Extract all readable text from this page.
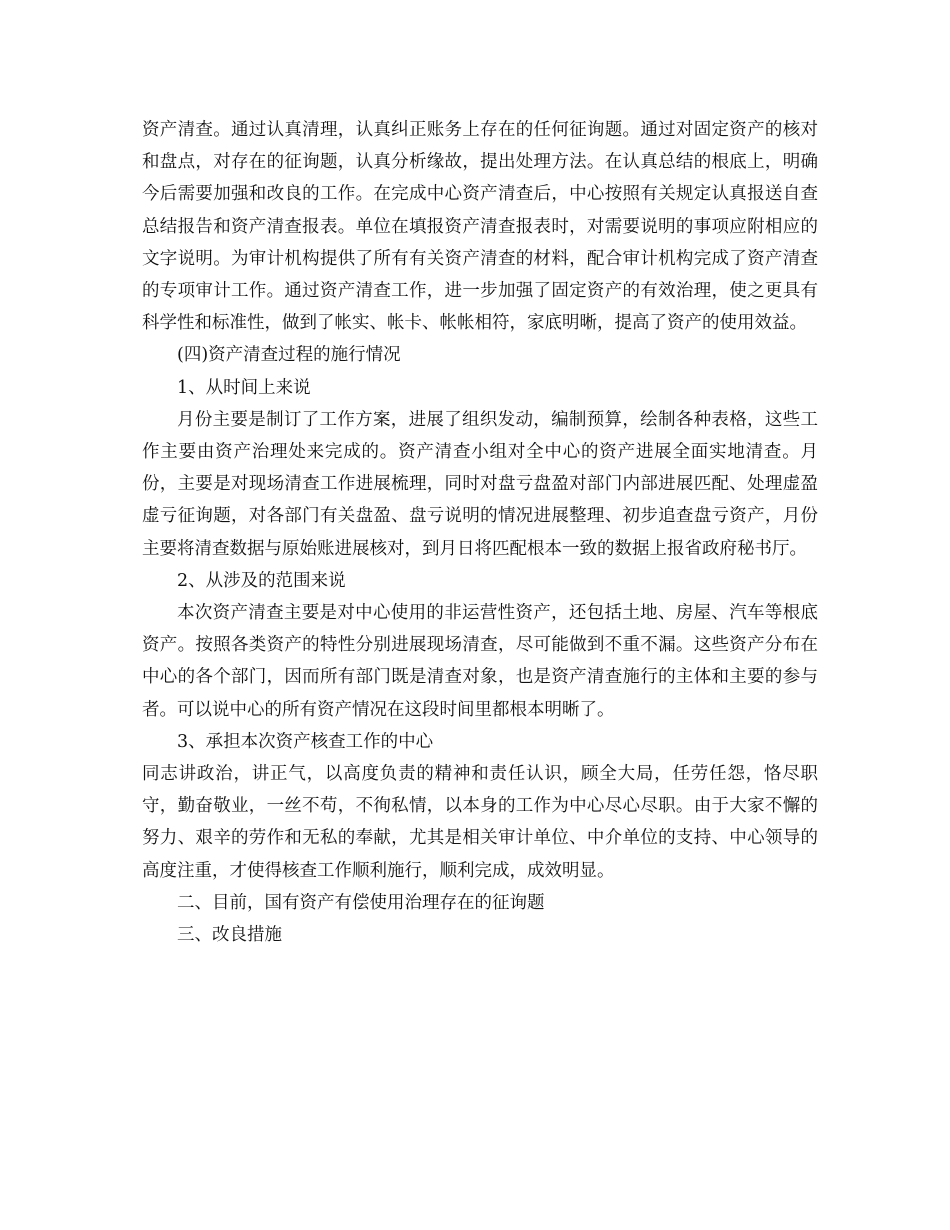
资产清查。通过认真清理，认真纠正账务上存在的任何征询题。通过对固定资产的核对和盘点，对存在的征询题，认真分析缘故，提出处理方法。在认真总结的根底上，明确今后需要加强和改良的工作。在完成中心资产清查后，中心按照有关规定认真报送自查总结报告和资产清查报表。单位在填报资产清查报表时，对需要说明的事项应附相应的文字说明。为审计机构提供了所有有关资产清查的材料，配合审计机构完成了资产清查的专项审计工作。通过资产清查工作，进一步加强了固定资产的有效治理，使之更具有科学性和标准性，做到了帐实、帐卡、帐帐相符，家底明晰，提高了资产的使用效益。

(四)资产清查过程的施行情况

1、从时间上来说

月份主要是制订了工作方案，进展了组织发动，编制预算，绘制各种表格，这些工作主要由资产治理处来完成的。资产清查小组对全中心的资产进展全面实地清查。月份，主要是对现场清查工作进展梳理，同时对盘亏盘盈对部门内部进展匹配、处理虚盈虚亏征询题，对各部门有关盘盈、盘亏说明的情况进展整理、初步追查盘亏资产，月份主要将清查数据与原始账进展核对，到月日将匹配根本一致的数据上报省政府秘书厅。

2、从涉及的范围来说

本次资产清查主要是对中心使用的非运营性资产，还包括土地、房屋、汽车等根底资产。按照各类资产的特性分别进展现场清查，尽可能做到不重不漏。这些资产分布在中心的各个部门，因而所有部门既是清查对象，也是资产清查施行的主体和主要的参与者。可以说中心的所有资产情况在这段时间里都根本明晰了。

3、承担本次资产核查工作的中心

同志讲政治，讲正气，以高度负责的精神和责任认识，顾全大局，任劳任怨，恪尽职守，勤奋敬业，一丝不苟，不徇私情，以本身的工作为中心尽心尽职。由于大家不懈的努力、艰辛的劳作和无私的奉献，尤其是相关审计单位、中介单位的支持、中心领导的高度注重，才使得核查工作顺利施行，顺利完成，成效明显。

二、目前，国有资产有偿使用治理存在的征询题

三、改良措施
